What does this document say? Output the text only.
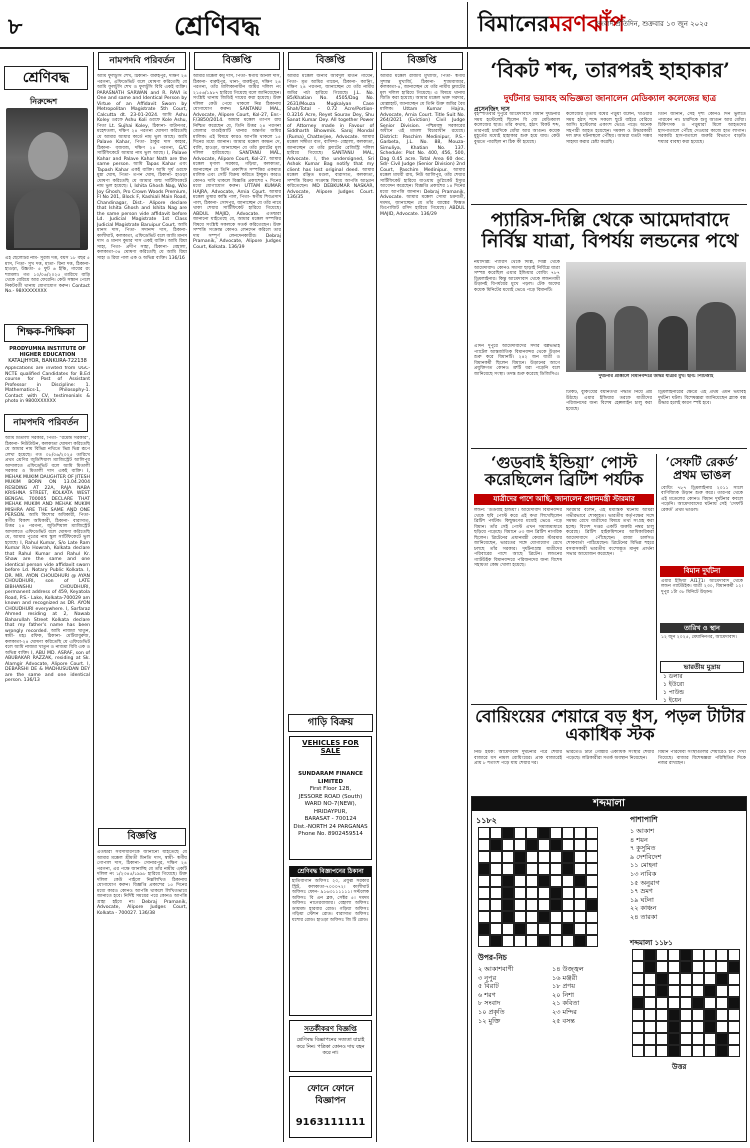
৮	শ্রেণিবদ্ধ	বিমানেরমরণঝাঁপ
সংবাদ প্রতিদিন, শুক্রবার ১৩ জুন ২০২৫
শ্রেণিবদ্ধ
নিরুদ্দেশ
এই ছেলেটির নাম- সুরজ দত্ত, বয়স ১৮ বছর ৫ মাস, পিতা- সুখ দত্ত, মাতা- রিনা দত্ত, ঠিকানা- হাওড়া, উচ্চতা- ৫ ফুট ৬ ইঞ্চি, গায়ের রং শ্যামলা। গত ১০/০৬/২০২৫ তারিখে বাড়ি থেকে বেরিয়ে আর ফেরেনি। কেউ সন্ধান পেলে নিকটবর্তী থানায় যোগাযোগ করুন। Contact No.- 98XXXXXXXX
শিক্ষক-শিক্ষিকা
PRODYUMNA INSTITUTE OF HIGHER EDUCATION
KATALJHYOR, BANKURA-722138
Applications are invited from UGC-NCTE qualified Candidates for B.Ed course for Post of Assistant Professor in Discipline: 1. Mathematics-1, Philosophy-1. Contact with CV, testimonials & photo in 9800XXXXXX
নামপদবি পরিবর্তন
আমি মিতালী সরকার, পিতা- "রমেন্দ্র সরকার", ঠিকানা- নিউটাউন, কলকাতা ঘোষণা করিতেছি যে আমার নাম বিভিন্ন নথিতে ভিন্ন ভিন্ন রূপে লেখা হয়েছে। গত ০৮/০৬/২০২৫ তারিখে প্রথম শ্রেণির জুডিশিয়াল ম্যাজিস্ট্রেট আলিপুর আদালতে এফিডেভিট বলে আমি মিতালী সরকার ও মিতালী দাস একই ব্যক্তি। I, MEHAK MUKIM DAUGHTER OF JITESH MUKIM BORN ON 13.04.2004 RESIDING AT 22A, RAJA NABA KRISHNA STREET, KOLKATA WEST BENGAL 700005 DECLARE THAT MEHAK MUKIM AND MEHAK MUKIM MISHRA ARE THE SAME AND ONE PERSON. আমি কিশোর অধিকারী, পিতা- স্বর্গীয় বিকাশ অধিকারী, ঠিকানা- বারাসাত, উত্তর ২৪ পরগনা, জুডিশিয়াল ম্যাজিস্ট্রেট আদালতে এফিডেভিট বলে ঘোষণা করিতেছি যে, আমার পুত্রের নাম স্কুল সার্টিফিকেটে ভুল হয়েছে। I, Rahul Kumar, S/o Late Ram Kumar R/o Howrah, Kolkata declare that Rahul Kumar and Rahul Kr. Shaw are the same and one identical person vide affidavit sworn before Ld. Notary Public Kolkata. I, DR. MR. AYON CHOUDHURI @ AYAN CHOUDHURI, son of LATE BIBHANSHU CHOUDHURI, permanent address of 459, Keyatola Road, P.S.- Lake, Kolkata-700029 am known and recognized as DR. AYON CHOUDHURI everywhere. I, Sarfaraz Ahmed residing at 2, Nawab Baharullah Street Kolkata declare that my father's name has been wrongly recorded. আমি নাজমা খাতুন, স্বামী- মহঃ রফিক, ঠিকানা- মেটিয়াবুরুজ, কলকাতা-২৪ ঘোষণা করিতেছি যে এফিডেভিট বলে আমি নাজমা খাতুন ও নাজমা বিবি এক ও অভিন্ন ব্যক্তি। I, ABU MD. ASRAF, son of ABUBAKAR RAZZAK, residing at Sk. Alamgir Advocate, Alipore Court. I, DEBARSHI DE & MADHUSUDAN DEY are the same and one identical person. 136/13
নামপদবি পরিবর্তন
আমি ফুলটুসি শেখ, ঠিকানা- বারুইপুর, দক্ষিণ ২৪ পরগনা, এফিডেভিট বলে ঘোষণা করিতেছি যে আমি ফুলটুসি শেখ ও ফুলটুসি বিবি একই ব্যক্তি। PARASNATH SARWAN and R. RAVI is One and same and Identical Person by Virtue of an Affidavit Sworn by Metropolitan Magistrate 5th Court, Calcutta dt. 23-01-2024. আমি Ashu Koley ওরফে Ashu Koli ওরফে Kole Ashu, পিতা Lt. Sujhai Koley, ঠিকানা- বাটানগর, মহেশতলা, দক্ষিণ ২৪ পরগনা ঘোষণা করিতেছি যে আমার আধার কার্ডে নাম ভুল আছে। আমি Palave Kahar, পিতা- ঠাকুর দাস কাহার, ঠিকানা- বজবজ, দক্ষিণ ২৪ পরগনা, G/C সার্টিফিকেটে আমার নাম ভুল আছে। I, Palave Kahar and Palave Kahar Nath are the same person. আমি Tapas Kahar এবং Tapash Kahar একই ব্যক্তি। আমি সূর্য ওরফে মুন্না ঘোষ, পিতা- তপন ঘোষ, ঠিকানা- হাওড়া ঘোষণা করিতেছি যে আমার জন্ম সার্টিফিকেটে নাম ভুল হয়েছে। I, Ishita Ghosh Nag, W/o Joy Ghosh, Pro Crown Woods Premium, Fl No 201, Block F, Kashiali Main Road, Chandinagar, Dist.- Alipore declare that Ishita Ghosh and Ishita Nag are the same person vide affidavit before Ld. Judicial Magistrate 1st Class Judicial Magistrate Baruipur Court. আমি মানস দাস, পিতা- সদানন্দ দাস, ঠিকানা- কালীঘাট, কলকাতা, এফিডেভিট বলে আমি মানস দাস ও মানস কুমার দাস একই ব্যক্তি। আমি রিয়া সাহা, পিতা- প্রদীপ সাহা, ঠিকানা- বেহালা, কলকাতা-৩৪ ঘোষণা করিতেছি যে আমি রিয়া সাহা ও রিয়া পাল এক ও অভিন্ন ব্যক্তি। 136/16
বিজ্ঞপ্তি
এতদ্বারা সর্বসাধারণকে জানানো যাইতেছে যে আমার মক্কেল শ্রীমতী মিনতি দাস, স্বামী- স্বর্গীয় গোপাল দাস, ঠিকানা- সোনারপুর, দক্ষিণ ২৪ পরগনা, এর পক্ষে জানাচ্ছি যে তাঁর নামীয় একটি দলিল নং ১/২৩৪৫/১৯৯৮ হারিয়ে গিয়েছে। উক্ত দলিল কেউ পাইলে নিম্নলিখিত ঠিকানায় যোগাযোগ করুন। বিজ্ঞপ্তি প্রকাশের ১৫ দিনের মধ্যে কারও কোনও আপত্তি থাকলে লিখিতভাবে জানাতে হবে। নির্দিষ্ট সময়ের পরে কোনও আপত্তি গ্রাহ্য হইবে না। Debraj Pramanik, Advocate, Alipore Judges Court, Kolkata - 700027. 136/38
বিজ্ঞপ্তি
আমার মক্কেল কমু দাস, পিতা- স্বর্গীয় অনিল দাস, ঠিকানা- বারুইপুর, থানা- বারুইপুর, দক্ষিণ ২৪ পরগনা, তাঁর মালিকানাধীন জমির দলিল নং ২১৫৬/১৯৮৭ হারিয়ে গিয়েছে বলে জানিয়েছেন। সংশ্লিষ্ট থানায় জিডিই দায়ের করা হয়েছে। উক্ত দলিল কেউ পেয়ে থাকলে নিম্ন ঠিকানায় যোগাযোগ করুন। SANTANU MAL, Advocate, Alipore Court, Kol-27, Enr.-F/3850/2014. আমার মক্কেল তাপস রায় নিশ্চিত করেছেন যে, তিনি উত্তর ২৪ পরগনা জেলার বাগুইআটি থানার অন্তর্গত জমির মালিক। এই বিষয়ে কারও আপত্তি থাকলে ১৫ দিনের মধ্যে জানান। আমার মক্কেল কাঞ্চন দে, বালি, হাওড়া, জানাচ্ছেন যে তাঁর ফ্ল্যাটের মূল দলিল হারিয়েছে। SANTANU MAL, Advocate, Alipore Court, Kol-27. আমার মক্কেল মৃণাল সরকার, গড়িয়া, কলকাতা, জানাচ্ছেন যে তিনি প্রকাশিত সম্পত্তির একমাত্র মালিক এবং সেটি বিক্রয় করিতে ইচ্ছুক। কারও কোনও দাবি থাকলে বিজ্ঞপ্তি প্রকাশের ৭ দিনের মধ্যে যোগাযোগ করুন। UTTAM KUMAR HAJRA, Advocate, Arnia Court. আমার মক্কেল তুষার কান্তি পাল, পিতা- স্বর্গীয় শিবপ্রসাদ পাল, ঠিকানা- সোদপুর, জানাচ্ছেন যে তাঁর নামে থাকা শেয়ার সার্টিফিকেট হারিয়ে গিয়েছে। ABDUL MAJID, Advocate. এতদ্বারা জানানো যাইতেছে যে, আমার মক্কেল সম্পত্তির বিষয়ে সংশ্লিষ্ট সকলকে সতর্ক করিতেছেন। উক্ত সম্পত্তি সংক্রান্ত কোনও লেনদেন করিলে তার দায় সম্পূর্ণ লেনদেনকারীর। Debraj Pramanik, Advocate, Alipore Judges Court, Kolkata. 136/39
বিজ্ঞপ্তি
আমার মক্কেল জনাব আবদুল মতিন গায়েন, পিতা- মৃত আমির গায়েন, ঠিকানা- ক্যানিং, দক্ষিণ ২৪ পরগনা, জানাচ্ছেন যে তাঁর নামীয় জমির পর্চা হারিয়ে গিয়েছে। J.L. No. 85/Khatian No. 4505/Dag No. 2631/Mouza Mugkalyan Case Shah/Total - 0.72 Acre/Portion- 0.3216 Acre, Reyet Sourav Dey, Shu Sanat Kumar Dey. All together Power of Attorney made in Favour of Siddharth Bhowmik. Saroj Mondal (Ruma) Chatterjee, Advocate. আমার মক্কেল সঙ্গীতা বাগ, বাসিন্দা- বেহালা, কলকাতা, জানাচ্ছেন যে তাঁর ফ্ল্যাটের রেজিস্ট্রি দলিল হারিয়ে গিয়েছে। SANTANU MAL, Advocate. I, the undersigned, Sri Ashok Kumar Bag notify that my client has lost original deed. আমার মক্কেল রঞ্জিত মণ্ডল, বারাসাত, কলকাতা, সম্পত্তি বিক্রয় সংক্রান্ত বিষয়ে আপত্তি আহ্বান করিতেছেন। MD DEBKUMAR NASKAR, Advocate, Alipore Judges Court. 136/35
গাড়ি বিক্রয়
VEHICLES FOR SALE
SUNDARAM FINANCE LIMITED
First Floor 12B,
JESSORE ROAD (South)
WARD NO-7(NEW),
HRIDAYPUR,
BARASAT - 700124
Dist.-NORTH 24 PARGANAS
Phone No. 8902459514
শ্রেণিবদ্ধ বিজ্ঞাপনের ঠিকানা
হাতিবাগান অফিসঃ ২০, প্রফুল্ল সরকার স্ট্রিট, কলকাতা-৭০০০৭২। কালীঘাট অফিসঃ ফোন- ৯১৬৩১১১১১১। সল্টলেক অফিসঃ বি এন ব্লক, সেক্টর ৫। দমদম অফিসঃ নাগেরবাজার। বেহালা অফিসঃ ডায়মন্ড হারবার রোড। গড়িয়া অফিসঃ গড়িয়া স্টেশন রোড। বারাসাত অফিসঃ যশোর রোড। হাওড়া অফিসঃ জি টি রোড।
সতর্কীকরণ বিজ্ঞপ্তি
শ্রেণিবদ্ধ বিজ্ঞাপনের সত্যতা যাচাই করে নিন। পত্রিকা কোনও দায় বহন করে না।
ফোনে ফোনে বিজ্ঞাপন
9163111111
বিজ্ঞপ্তি
আমার মক্কেল রাজীব মুখার্জি, পিতা- স্বর্গীয় সুশান্ত মুখার্জি, ঠিকানা- শ্যামবাজার, কলকাতা-৪, জানাচ্ছেন যে তাঁর নামীয় ফ্ল্যাটের মূল দলিল হারিয়ে গিয়েছে। এ বিষয়ে থানায় জিডি করা হয়েছে। আমার মক্কেল ভক্ত সরদার, মোল্লাহাট, জানাচ্ছেন যে তিনি উক্ত জমির বৈধ মালিক। Uttam Kumar Hajra, Advocate, Arnia Court. Title Suit No. 264/2021 (Eviction) Civil Judge Senior Division. পশ্চিমবঙ্গ সরকারের অধীনে এই মামলা বিচারাধীন রয়েছে। District: Paschim Medinipur, P.S.- Garbeta, J.L. No. 88, Mouza- Simuliya, Khatian No. 137. Schedule: Plot No. 400, 456, 500, Dag 0.45 acre. Total Area 60 dec. Sd/- Civil Judge (Senior Division) 2nd Court, Paschim Medinipur. আমার মক্কেল মাধবী রায়, নিউ আলিপুর, তাঁর শেয়ার সার্টিফিকেট হারিয়ে যাওয়ায় ডুপ্লিকেট ইস্যুর আবেদন করেছেন। বিজ্ঞপ্তি প্রকাশের ১৪ দিনের মধ্যে আপত্তি জানান। Debraj Pramanik, Advocate. আমার মক্কেল সোমা চক্রবর্তী, দমদম, জানাচ্ছেন যে তাঁর ব্যাঙ্কের ফিক্সড ডিপোজিট রসিদ হারিয়ে গিয়েছে। ABDUL MAJID, Advocate. 136/29
‘বিকট শব্দ, তারপরই হাহাকার’
দুর্ঘটনার ভয়াবহ অভিজ্ঞতা জানালেন মেডিক্যাল কলেজের ছাত্র
প্রসেনজিৎ দাস
বৃহস্পতিবার দুপুরে আমেদাবাদে বিমান দুর্ঘটনার সময় হস্টেলেই ছিলেন বি জে মেডিক্যাল কলেজের ছাত্র। তাঁর কথায়, হঠাৎ বিকট শব্দ, তারপরই চারদিকে ধোঁয়া আর আগুন। কয়েক মুহূর্তের মধ্যেই হাহাকার শুরু হয়ে যায়। কেউ বুঝতে পারছিল না ঠিক কী হয়েছে।
কলেজের তৃতীয় বর্ষের পড়ুয়া বলেন, খাওয়ার সময় হঠাৎ শব্দে সকলে ছুটে বাইরে বেরিয়ে আসি। হস্টেলের একাংশ ভেঙে পড়ে। অনেক সহপাঠী আহত হয়েছেন। দমকল ও উদ্ধারকারী দল দ্রুত ঘটনাস্থলে পৌঁছয়। আমরা যতটা সম্ভব সাহায্য করার চেষ্টা করেছি।
তিনি জানান, সেই দৃশ্য কোনও দিন ভুলতে পারবেন না। চারদিকে শুধু আগুন আর ধোঁয়া। চিকিৎসক ও পড়ুয়ারা মিলে আহতদের হাসপাতালে পৌঁছে দেওয়ার কাজে হাত লাগান। সরকারি হাসপাতালে জরুরি বিভাগে বাড়তি শয্যার ব্যবস্থা করা হয়েছে।
প্যারিস-দিল্লি থেকে আমেদাবাদে নির্বিঘ্ন যাত্রা, বিপর্যয় লন্ডনের পথে
নয়াদিল্লি: প্যারিস থেকে দিল্লি, দিল্লি থেকে আমেদাবাদ। কোনও সমস্যা ছাড়াই নির্বিঘ্নে যাত্রা সম্পন্ন করেছিল এয়ার ইন্ডিয়ার বোয়িং ৭৮৭ ড্রিমলাইনার। কিন্তু আমেদাবাদ থেকে লন্ডনগামী উড়ানই বিপর্যয়ের মুখে পড়ল। টেক অফের কয়েক মিনিটের মধ্যেই ভেঙে পড়ে বিমানটি।
দুর্ঘটনার প্রাক্কালে বিমানবন্দরে উদ্বিগ্ন যাত্রীর মুখ। ছবি: পিটিআই
এদিন দুপুরে আমেদাবাদের সর্দার বল্লভভাই প্যাটেল আন্তর্জাতিক বিমানবন্দর থেকে উড়ান শুরু করে বিমানটি। ২৪২ জন যাত্রী ও বিমানকর্মী ছিলেন বিমানে। উড়ানের আগে প্রযুক্তিগত কোনও ত্রুটি ধরা পড়েনি বলে জানিয়েছে সংস্থা। তদন্ত শুরু করেছে ডিজিসিএ।
টিকিট, বুকিংয়ের বয়ানতথ্য পদ্ধতি নিয়ে প্রশ্ন উঠছে। এয়ার ইন্ডিয়ার তরফে যাত্রীদের পরিজনদের জন্য বিশেষ হেল্পলাইন চালু করা হয়েছে।
ড্রিমলাইনারের ক্ষেত্রে এই প্রথম এমন ভয়াবহ দুর্ঘটনা ঘটল। বিশেষজ্ঞরা জানিয়েছেন ব্ল্যাক বক্স উদ্ধার হলেই কারণ স্পষ্ট হবে।
‘গুডবাই ইন্ডিয়া’ পোস্ট করেছিলেন ব্রিটিশ পর্যটক
যাত্রীদের পাশে আছি, জানালেন প্রধানমন্ত্রী স্টারমার
লন্ডন: ‘গুডবাই ইন্ডিয়া’। আমেদাবাদ বিমানবন্দর থেকে ছবি পোস্ট করে এই কথা লিখেছিলেন ব্রিটিশ পর্যটক। কিছুক্ষণের মধ্যেই ভেঙে পড়ে বিমান। তাঁর সেই পোস্ট এখন সমাজমাধ্যমে ছড়িয়ে পড়েছে। বিমানে ৫৩ জন ব্রিটিশ নাগরিক ছিলেন। ব্রিটেনের প্রধানমন্ত্রী কেয়ার স্টারমার জানিয়েছেন, ভারতের সঙ্গে যোগাযোগ রেখে চলছে তাঁর সরকার। দুর্ঘটনাগ্রস্ত যাত্রীদের পরিবারের পাশে আছে ব্রিটেন। লন্ডনের গ্যাটউইক বিমানবন্দরে পরিজনদের জন্য বিশেষ সহায়তা কেন্দ্র খোলা হয়েছে।
স্টারমার বলেন, এই মর্মান্তিক ঘটনায় আমরা গভীরভাবে শোকাহত। ভারতীয় কর্তৃপক্ষের সঙ্গে সমন্বয় রেখে যাত্রীদের বিষয়ে তথ্য সংগ্রহ করা হচ্ছে। বিদেশ দপ্তর একটি জরুরি নম্বর চালু করেছে। ব্রিটিশ হাইকমিশনের আধিকারিকরা আমেদাবাদে পৌঁছেছেন। রাজা চার্লসও শোকবার্তা পাঠিয়েছেন। ব্রিটেনের বিভিন্ন শহরে বসবাসকারী ভারতীয় বংশোদ্ভূত মানুষ প্রার্থনা সভার আয়োজন করেছেন।
‘সেফটি রেকর্ড’ প্রথম ভাঙল
বোয়িং ৭৮৭ ড্রিমলাইনার ২০১১ সালে বাণিজ্যিক উড়ান শুরু করে। তারপর থেকে এই মডেলের কোনও বিমান দুর্ঘটনার কবলে পড়েনি। আমেদাবাদের ঘটনায় সেই ‘সেফটি রেকর্ড’ প্রথম ভাঙল।
বিমান দুর্ঘটনা
এয়ার ইন্ডিয়া AI171। আমেদাবাদ থেকে লন্ডন গ্যাটউইক। যাত্রী ২৩০, বিমানকর্মী ১২। দুপুর ১টা ৩৮ মিনিটে উড়ান।
তারিখ ও স্থান
১২ জুন ২০২৫, মেঘানিনগর, আমেদাবাদ।
ভারতীয় মুদ্রায়
১ ডলার
১ ইউরো
১ পাউন্ড
১ ইয়েন
বোয়িংয়ের শেয়ারে বড় ধস, পড়ল টাটার একাধিক স্টক
নিউ ইয়র্ক: আমেদাবাদ দুর্ঘটনার পরে শেয়ার বাজারে ধস নামল বোয়িংয়ের। প্রাক বাজারেই প্রায় ৮ শতাংশ পড়ে যায় শেয়ার দর।
ভারতেও টাটা গোষ্ঠীর একাধিক সংস্থার শেয়ার পড়েছে। লগ্নিকারীরা সতর্ক অবস্থান নিয়েছেন।
বিমান পরিষেবা সংস্থাগুলির শেয়ারেও চাপ দেখা গিয়েছে। বাজার বিশেষজ্ঞরা পরিস্থিতির দিকে নজর রাখছেন।
শব্দমালা
১১৮২	পাশাপাশি
১ আকাশ
৪ শয়ন
৭ কুসুমিত
৯ দেশবিদেশ
১১ মোহনা
১৩ নাবিক
১৫ অনুরাগ
১৭ ভ্রমণ
১৯ ঘটনা
২২ কাঞ্চন
২৪ তারকা
উপর-নিচ
২ আকাশবাণী
৩ নূপুর
৫ বিরাট
৬ শরণ
৮ সংবাদ
১০ প্রকৃতি
১২ মুক্তি
১৪ উজ্জ্বল
১৬ মঞ্জরী
১৮ প্রণয়
২০ নিশা
২১ কবিতা
২৩ মন্দির
২৫ বসন্ত
শব্দমালা ১১৮১
উত্তর
